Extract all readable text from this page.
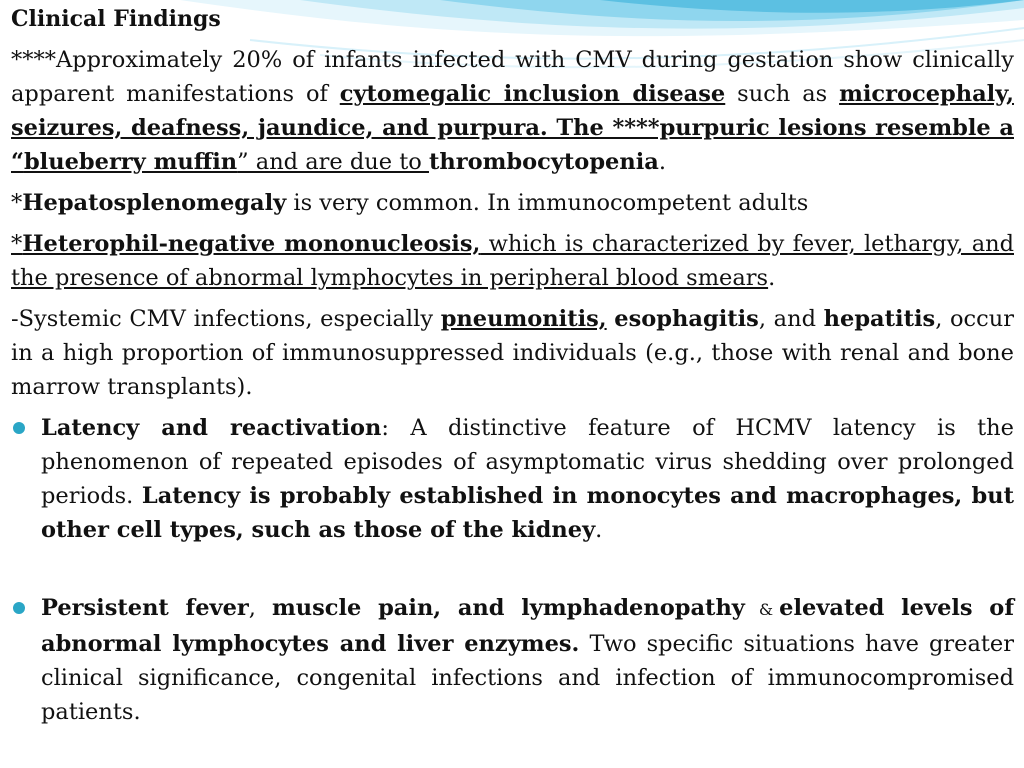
Clinical Findings
****Approximately 20% of infants infected with CMV during gestation show clinically apparent manifestations of cytomegalic inclusion disease such as microcephaly, seizures, deafness, jaundice, and purpura. The ****purpuric lesions resemble a “blueberry muffin” and are due to thrombocytopenia.
*Hepatosplenomegaly is very common. In immunocompetent adults
*Heterophil-negative mononucleosis, which is characterized by fever, lethargy, and the presence of abnormal lymphocytes in peripheral blood smears.
-Systemic CMV infections, especially pneumonitis, esophagitis, and hepatitis, occur in a high proportion of immunosuppressed individuals (e.g., those with renal and bone marrow transplants).
Latency and reactivation: A distinctive feature of HCMV latency is the phenomenon of repeated episodes of asymptomatic virus shedding over prolonged periods. Latency is probably established in monocytes and macrophages, but other cell types, such as those of the kidney.
Persistent fever, muscle pain, and lymphadenopathy & elevated levels of abnormal lymphocytes and liver enzymes. Two specific situations have greater clinical significance, congenital infections and infection of immunocompromised patients.
